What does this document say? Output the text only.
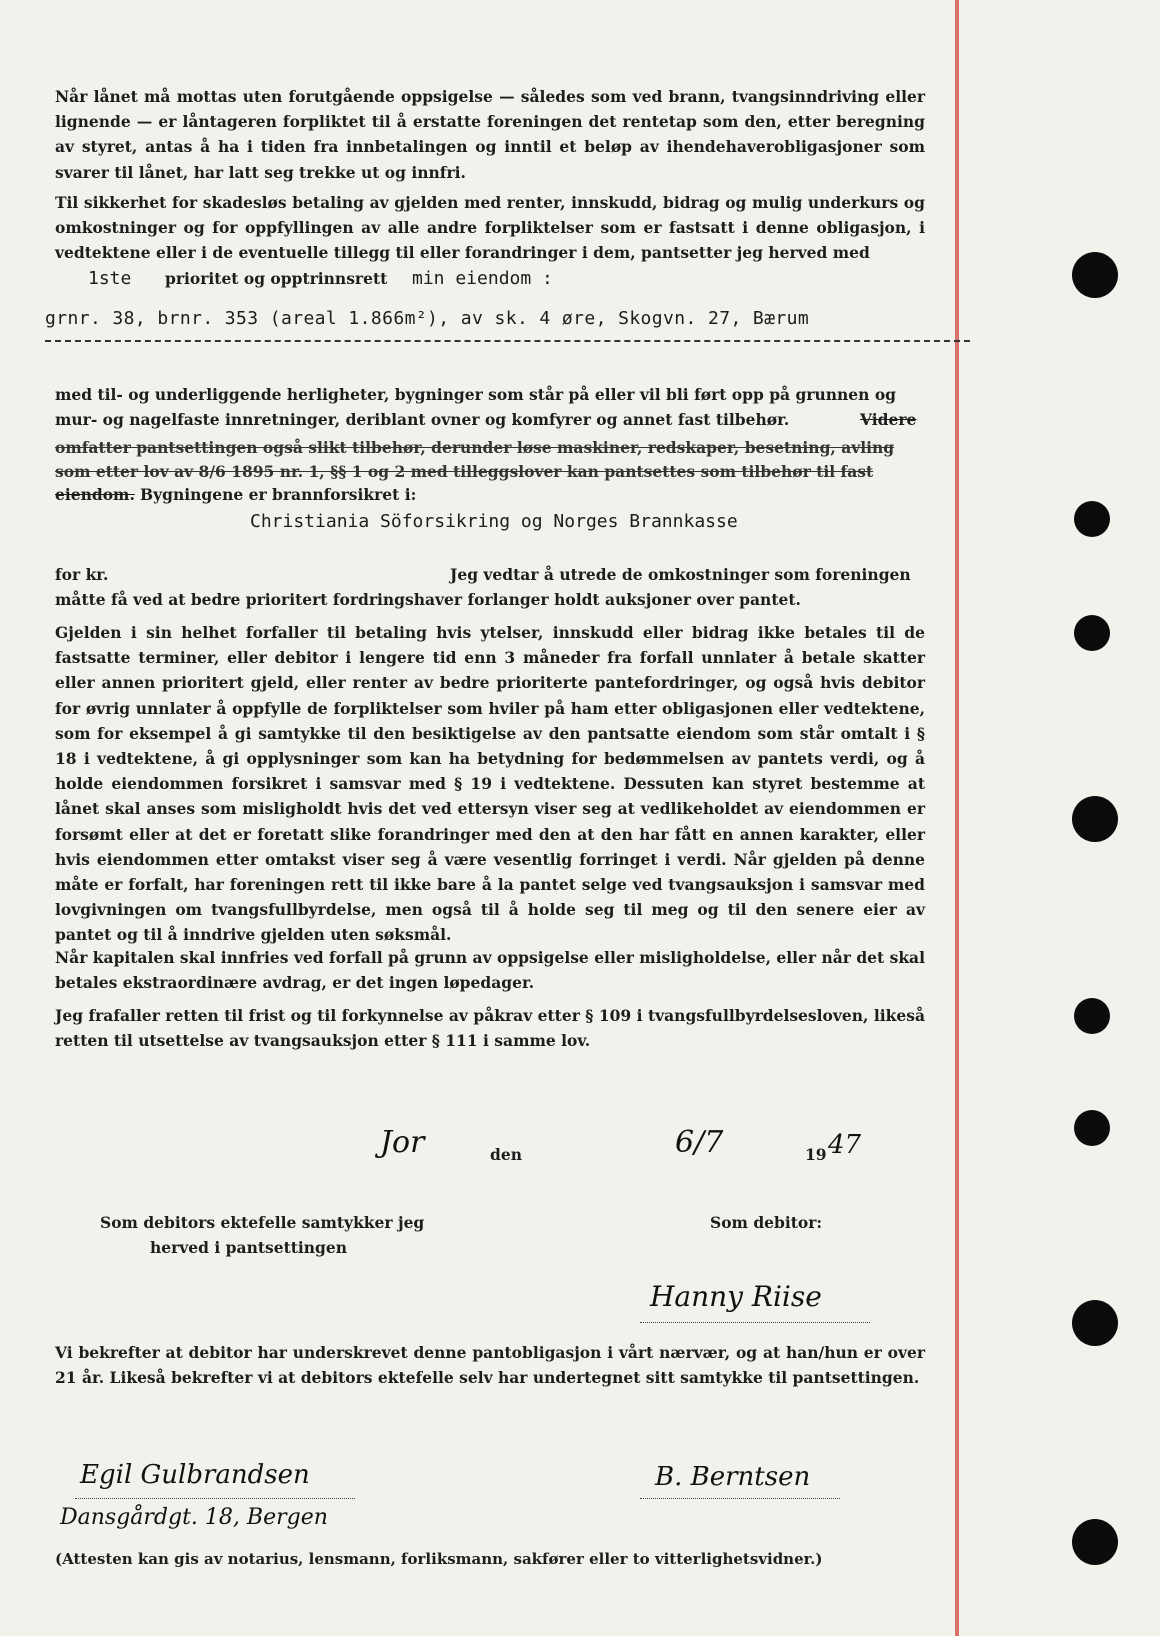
Når lånet må mottas uten forutgående oppsigelse — således som ved brann, tvangsinndriving eller lignende — er låntageren forpliktet til å erstatte foreningen det rentetap som den, etter beregning av styret, antas å ha i tiden fra innbetalingen og inntil et beløp av ihendehaverobligasjoner som svarer til lånet, har latt seg trekke ut og innfri.

Til sikkerhet for skadesløs betaling av gjelden med renter, innskudd, bidrag og mulig underkurs og omkostninger og for oppfyllingen av alle andre forpliktelser som er fastsatt i denne obligasjon, i vedtektene eller i de eventuelle tillegg til eller forandringer i dem, pantsetter jeg herved med

1ste prioritet og opptrinnsrett min eiendom :
grnr. 38, brnr. 353 (areal 1.866m²), av sk. 4 øre, Skogvn. 27, Bærum
med til- og underliggende herligheter, bygninger som står på eller vil bli ført opp på grunnen og
mur- og nagelfaste innretninger, deriblant ovner og komfyrer og annet fast tilbehør.	Videre
omfatter pantsettingen også slikt tilbehør, derunder løse maskiner, redskaper, besetning, avling
som etter lov av 8/6 1895 nr. 1, §§ 1 og 2 med tilleggslover kan pantsettes som tilbehør til fast
eiendom. Bygningene er brannforsikret i:
Christiania Söforsikring og Norges Brannkasse
for kr.	Jeg vedtar å utrede de omkostninger som foreningen
måtte få ved at bedre prioritert fordringshaver forlanger holdt auksjoner over pantet.

Gjelden i sin helhet forfaller til betaling hvis ytelser, innskudd eller bidrag ikke betales til de fastsatte terminer, eller debitor i lengere tid enn 3 måneder fra forfall unnlater å betale skatter eller annen prioritert gjeld, eller renter av bedre prioriterte pantefordringer, og også hvis debitor for øvrig unnlater å oppfylle de forpliktelser som hviler på ham etter obligasjonen eller vedtektene, som for eksempel å gi samtykke til den besiktigelse av den pantsatte eiendom som står omtalt i § 18 i vedtektene, å gi opplysninger som kan ha betydning for bedømmelsen av pantets verdi, og å holde eiendommen forsikret i samsvar med § 19 i vedtektene. Dessuten kan styret bestemme at lånet skal anses som misligholdt hvis det ved ettersyn viser seg at vedlikeholdet av eiendommen er forsømt eller at det er foretatt slike forandringer med den at den har fått en annen karakter, eller hvis eiendommen etter omtakst viser seg å være vesentlig forringet i verdi. Når gjelden på denne måte er forfalt, har foreningen rett til ikke bare å la pantet selge ved tvangsauksjon i samsvar med lovgivningen om tvangsfullbyrdelse, men også til å holde seg til meg og til den senere eier av pantet og til å inndrive gjelden uten søksmål.

Når kapitalen skal innfries ved forfall på grunn av oppsigelse eller misligholdelse, eller når det skal betales ekstraordinære avdrag, er det ingen løpedager.

Jeg frafaller retten til frist og til forkynnelse av påkrav etter § 109 i tvangsfullbyrdelsesloven, likeså retten til utsettelse av tvangsauksjon etter § 111 i samme lov.

Jor	den	6/7	19 47
Som debitors ektefelle samtykker jeg
herved i pantsettingen
Som debitor:
Hanny Riise

Vi bekrefter at debitor har underskrevet denne pantobligasjon i vårt nærvær, og at han/hun er over 21 år. Likeså bekrefter vi at debitors ektefelle selv har undertegnet sitt samtykke til pantsettingen.

Egil Gulbrandsen
Dansgårdgt. 18, Bergen
B. Berntsen
(Attesten kan gis av notarius, lensmann, forliksmann, sakfører eller to vitterlighetsvidner.)
